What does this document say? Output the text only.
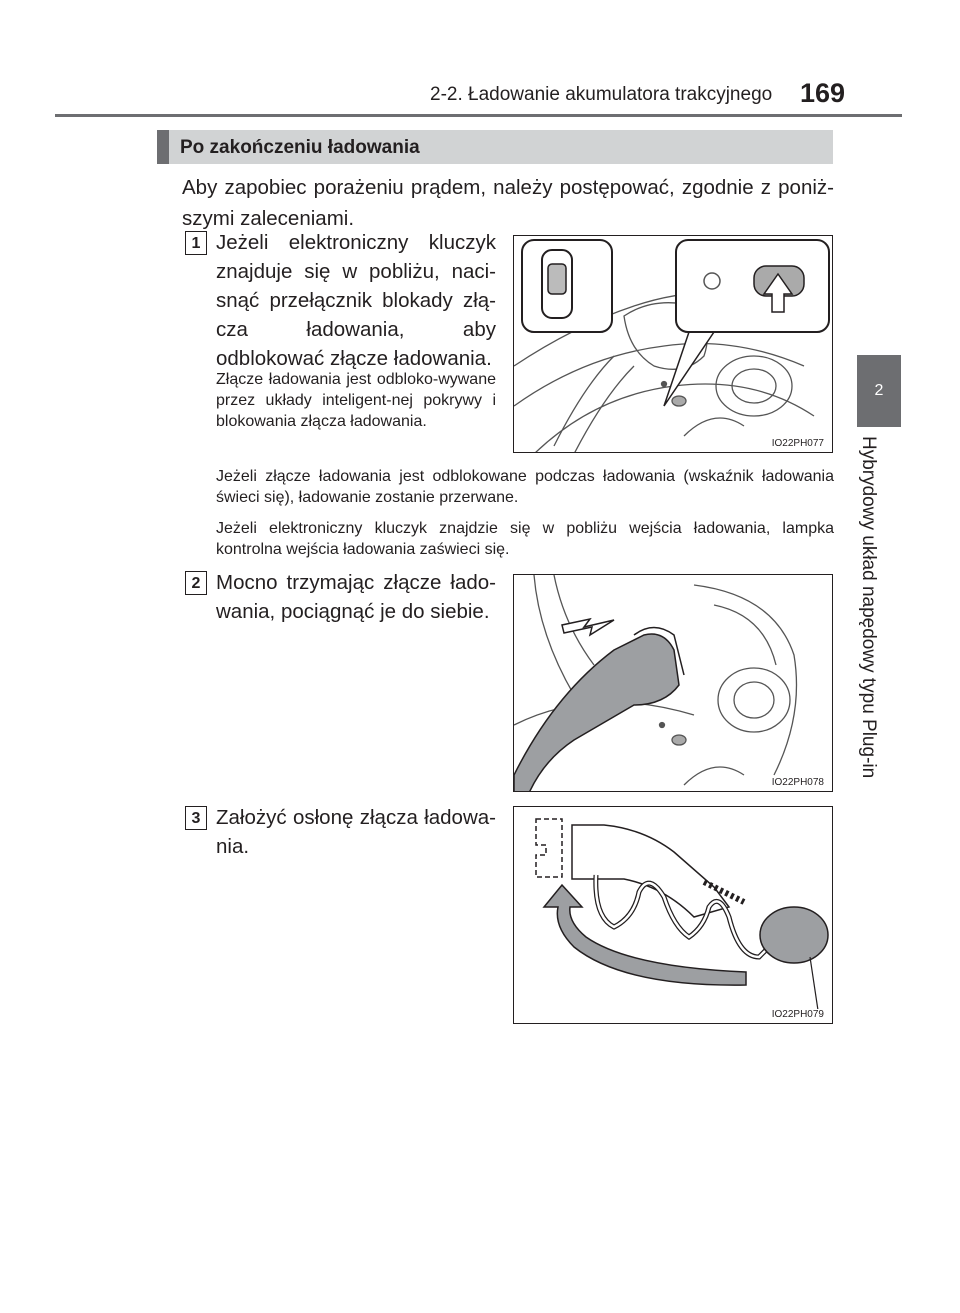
2-2. Ładowanie akumulatora trakcyjnego 169
2
Hybrydowy układ napędowy typu Plug-in
Po zakończeniu ładowania
Aby zapobiec porażeniu prądem, należy postępować, zgodnie z poniż-szymi zaleceniami.
1 Jeżeli elektroniczny kluczyk znajduje się w pobliżu, naci-snąć przełącznik blokady złą-cza ładowania, aby odblokować złącze ładowania.
Złącze ładowania jest odbloko-wywane przez układy inteligent-nej pokrywy i blokowania złącza ładowania.
IO22PH077
Jeżeli złącze ładowania jest odblokowane podczas ładowania (wskaźnik ładowania świeci się), ładowanie zostanie przerwane.
Jeżeli elektroniczny kluczyk znajdzie się w pobliżu wejścia ładowania, lampka kontrolna wejścia ładowania zaświeci się.
2 Mocno trzymając złącze łado-wania, pociągnąć je do siebie.
IO22PH078
3 Założyć osłonę złącza ładowa-nia.
IO22PH079
